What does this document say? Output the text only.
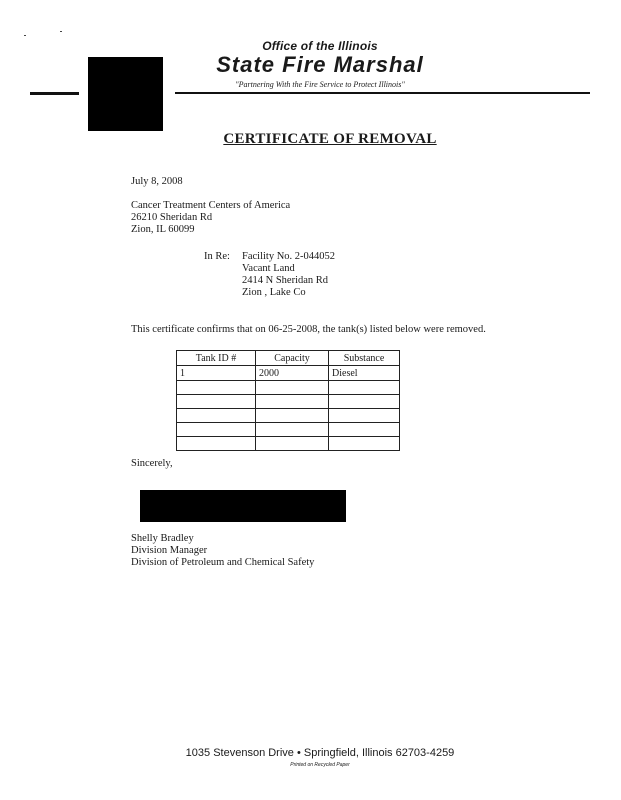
Office of the Illinois
State Fire Marshal
"Partnering With the Fire Service to Protect Illinois"
CERTIFICATE OF REMOVAL
July 8, 2008
Cancer Treatment Centers of America
26210 Sheridan Rd
Zion, IL 60099
In Re: Facility No. 2-044052
Vacant Land
2414 N Sheridan Rd
Zion , Lake Co
This certificate confirms that on 06-25-2008, the tank(s) listed below were removed.
Tank ID #	Capacity	Substance
1	2000	Diesel

Sincerely,
Shelly Bradley
Division Manager
Division of Petroleum and Chemical Safety
1035 Stevenson Drive • Springfield, Illinois 62703-4259
Printed on Recycled Paper
